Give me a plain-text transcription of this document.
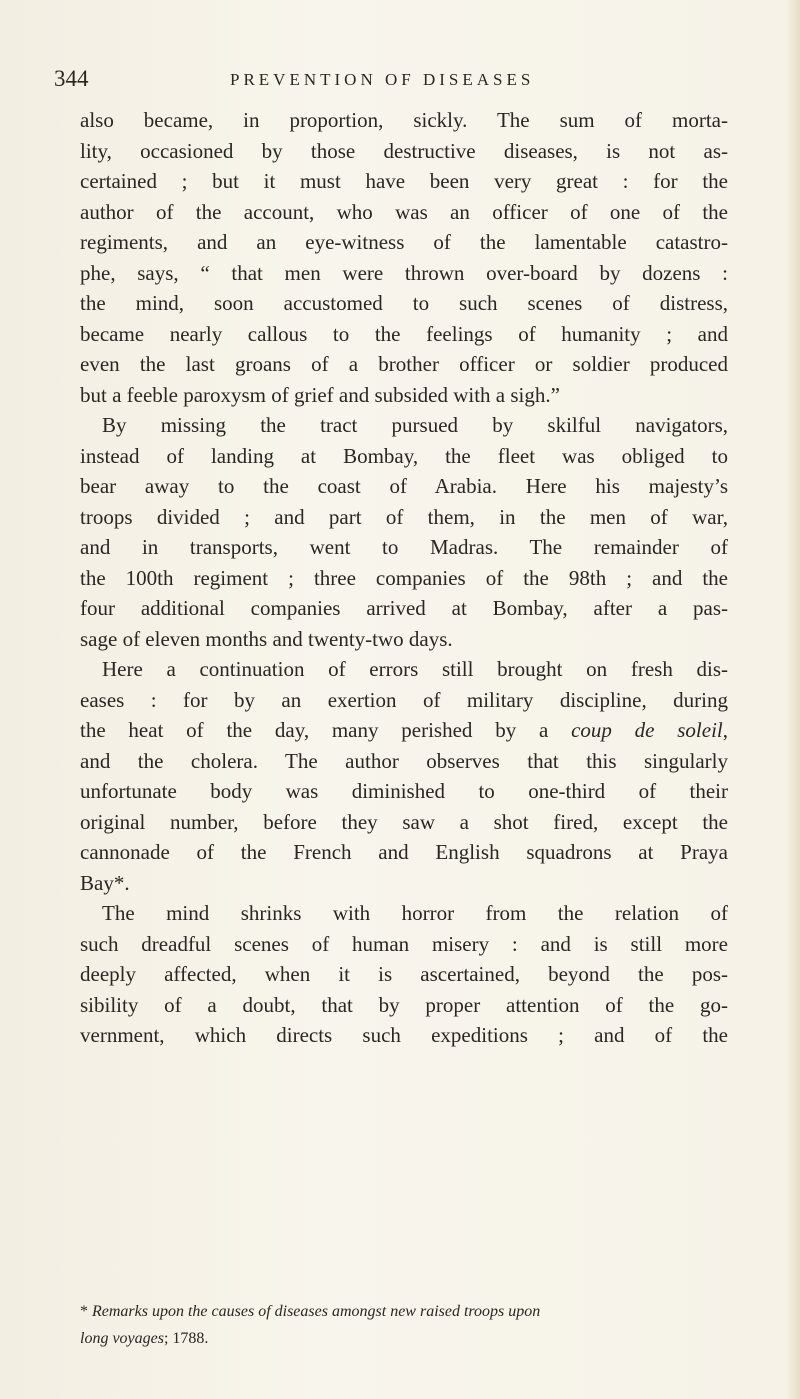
344	PREVENTION OF DISEASES
also became, in proportion, sickly. The sum of morta-
lity, occasioned by those destructive diseases, is not as-
certained ; but it must have been very great : for the
author of the account, who was an officer of one of the
regiments, and an eye-witness of the lamentable catastro-
phe, says, “ that men were thrown over-board by dozens :
the mind, soon accustomed to such scenes of distress,
became nearly callous to the feelings of humanity ; and
even the last groans of a brother officer or soldier produced
but a feeble paroxysm of grief and subsided with a sigh.”
By missing the tract pursued by skilful navigators,
instead of landing at Bombay, the fleet was obliged to
bear away to the coast of Arabia. Here his majesty’s
troops divided ; and part of them, in the men of war,
and in transports, went to Madras. The remainder of
the 100th regiment ; three companies of the 98th ; and the
four additional companies arrived at Bombay, after a pas-
sage of eleven months and twenty-two days.
Here a continuation of errors still brought on fresh dis-
eases : for by an exertion of military discipline, during
the heat of the day, many perished by a coup de soleil,
and the cholera. The author observes that this singularly
unfortunate body was diminished to one-third of their
original number, before they saw a shot fired, except the
cannonade of the French and English squadrons at Praya
Bay*.
The mind shrinks with horror from the relation of
such dreadful scenes of human misery : and is still more
deeply affected, when it is ascertained, beyond the pos-
sibility of a doubt, that by proper attention of the go-
vernment, which directs such expeditions ; and of the
* Remarks upon the causes of diseases amongst new raised troops upon
long voyages; 1788.
